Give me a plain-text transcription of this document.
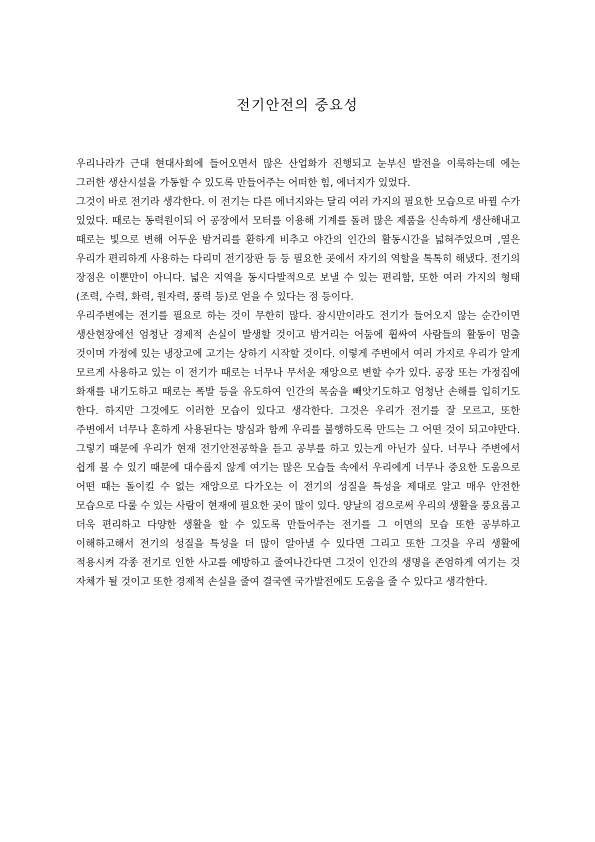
전기안전의 중요성

우리나라가 근대 현대사회에 들어오면서 많은 산업화가 진행되고 눈부신 발전을 이룩하는데 에는 그러한 생산시설을 가동할 수 있도록 만들어주는 어떠한 힘, 에너지가 있었다.

그것이 바로 전기라 생각한다. 이 전기는 다른 에너지와는 달리 여러 가지의 필요한 모습으로 바뀔 수가 있었다. 때로는 동력원이되 어 공장에서 모터를 이용해 기계를 돌려 많은 제품을 신속하게 생산해내고 때로는 빛으로 변해 어두운 밤거리를 환하게 비추고 야간의 인간의 활동시간을 넓혀주었으며 ,열은 우리가 편리하게 사용하는 다리미 전기장판 등 등 필요한 곳에서 자기의 역할을 톡톡히 해냈다. 전기의 장점은 이뿐만이 아니다. 넓은 지역을 동시다발적으로 보낼 수 있는 편리함, 또한 여러 가지의 형태(조력, 수력, 화력, 원자력, 풍력 등)로 얻을 수 있다는 점 등이다.

우리주변에는 전기를 필요로 하는 것이 무한히 많다. 잠시만이라도 전기가 들어오지 않는 순간이면 생산현장에선 엄청난 경제적 손실이 발생할 것이고 밤거리는 어둠에 휩싸여 사람들의 활동이 멈출 것이며 가정에 있는 냉장고에 고기는 상하기 시작할 것이다. 이렇게 주변에서 여러 가지로 우리가 알게 모르게 사용하고 있는 이 전기가 때로는 너무나 무서운 재앙으로 변할 수가 있다. 공장 또는 가정집에 화재를 내기도하고 때로는 폭발 등을 유도하여 인간의 목숨을 빼앗기도하고 엄청난 손해를 입히기도 한다. 하지만 그것에도 이러한 모습이 있다고 생각한다. 그것은 우리가 전기를 잘 모르고, 또한 주변에서 너무나 흔하게 사용된다는 방심과 함께 우리를 불행하도록 만드는 그 어떤 것이 되고야만다. 그렇기 때문에 우리가 현재 전기안전공학을 듣고 공부를 하고 있는게 아닌가 싶다. 너무나 주변에서 쉽게 볼 수 있기 때문에 대수롭지 않게 여기는 많은 모습들 속에서 우리에게 너무나 중요한 도움으로 어떤 때는 돌이킬 수 없는 재앙으로 다가오는 이 전기의 성질을 특성을 제대로 알고 매우 안전한 모습으로 다룰 수 있는 사람이 현재에 필요한 곳이 많이 있다. 양날의 검으로써 우리의 생활을 풍요롭고 더욱 편리하고 다양한 생활을 할 수 있도록 만들어주는 전기를 그 이면의 모습 또한 공부하고 이해하고해서 전기의 성질을 특성을 더 많이 알아낼 수 있다면 그리고 또한 그것을 우리 생활에 적용시켜 각종 전기로 인한 사고를 예방하고 줄여나간다면 그것이 인간의 생명을 존엄하게 여기는 것 자체가 될 것이고 또한 경제적 손실을 줄여 결국엔 국가발전에도 도움을 줄 수 있다고 생각한다.
